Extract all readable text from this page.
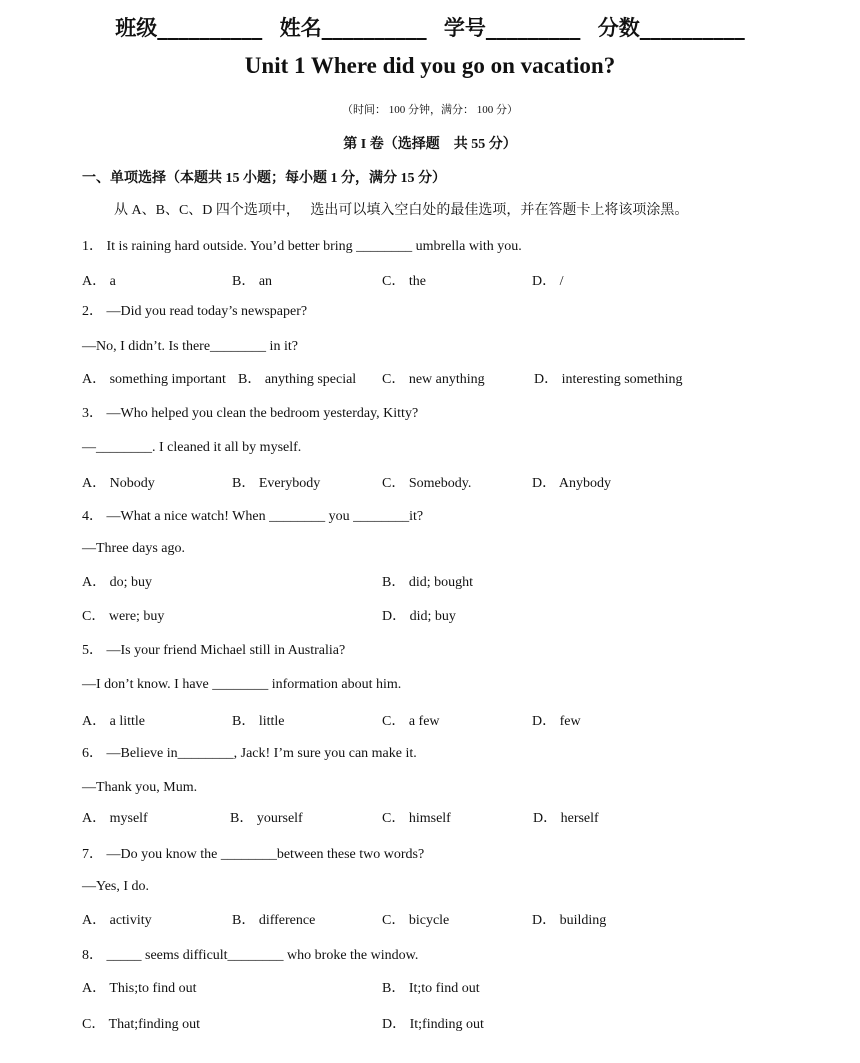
班级__________ 姓名__________ 学号_________ 分数__________
Unit 1 Where did you go on vacation?
（时间： 100 分钟，满分： 100 分）
第 I 卷（选择题　共 55 分）
一、单项选择（本题共 15 小题；每小题 1 分，满分 15 分）
从 A、B、C、D 四个选项中，　 选出可以填入空白处的最佳选项，并在答题卡上将该项涂黑。
1． It is raining hard outside. You’d better bring ________ umbrella with you.
A． a	B． an	C． the	D． /
2． —Did you read today’s newspaper?
—No, I didn’t. Is there________ in it?
A． something important B． anything special C． new anything	D． interesting something
3． —Who helped you clean the bedroom yesterday, Kitty?
—________. I cleaned it all by myself.
A． Nobody	B． Everybody	C． Somebody.	D． Anybody
4． —What a nice watch! When ________ you ________it?
—Three days ago.
A． do; buy	B． did; bought
C． were; buy	D． did; buy
5． —Is your friend Michael still in Australia?
—I don’t know. I have ________ information about him.
A． a little	B． little	C． a few	D． few
6． —Believe in________, Jack! I’m sure you can make it.
—Thank you, Mum.
A． myself	B． yourself	C． himself	D． herself
7． —Do you know the ________between these two words?
—Yes, I do.
A． activity	B． difference	C． bicycle	D． building
8． _____ seems difficult________ who broke the window.
A． This;to find out	B． It;to find out
C． That;finding out	D． It;finding out
